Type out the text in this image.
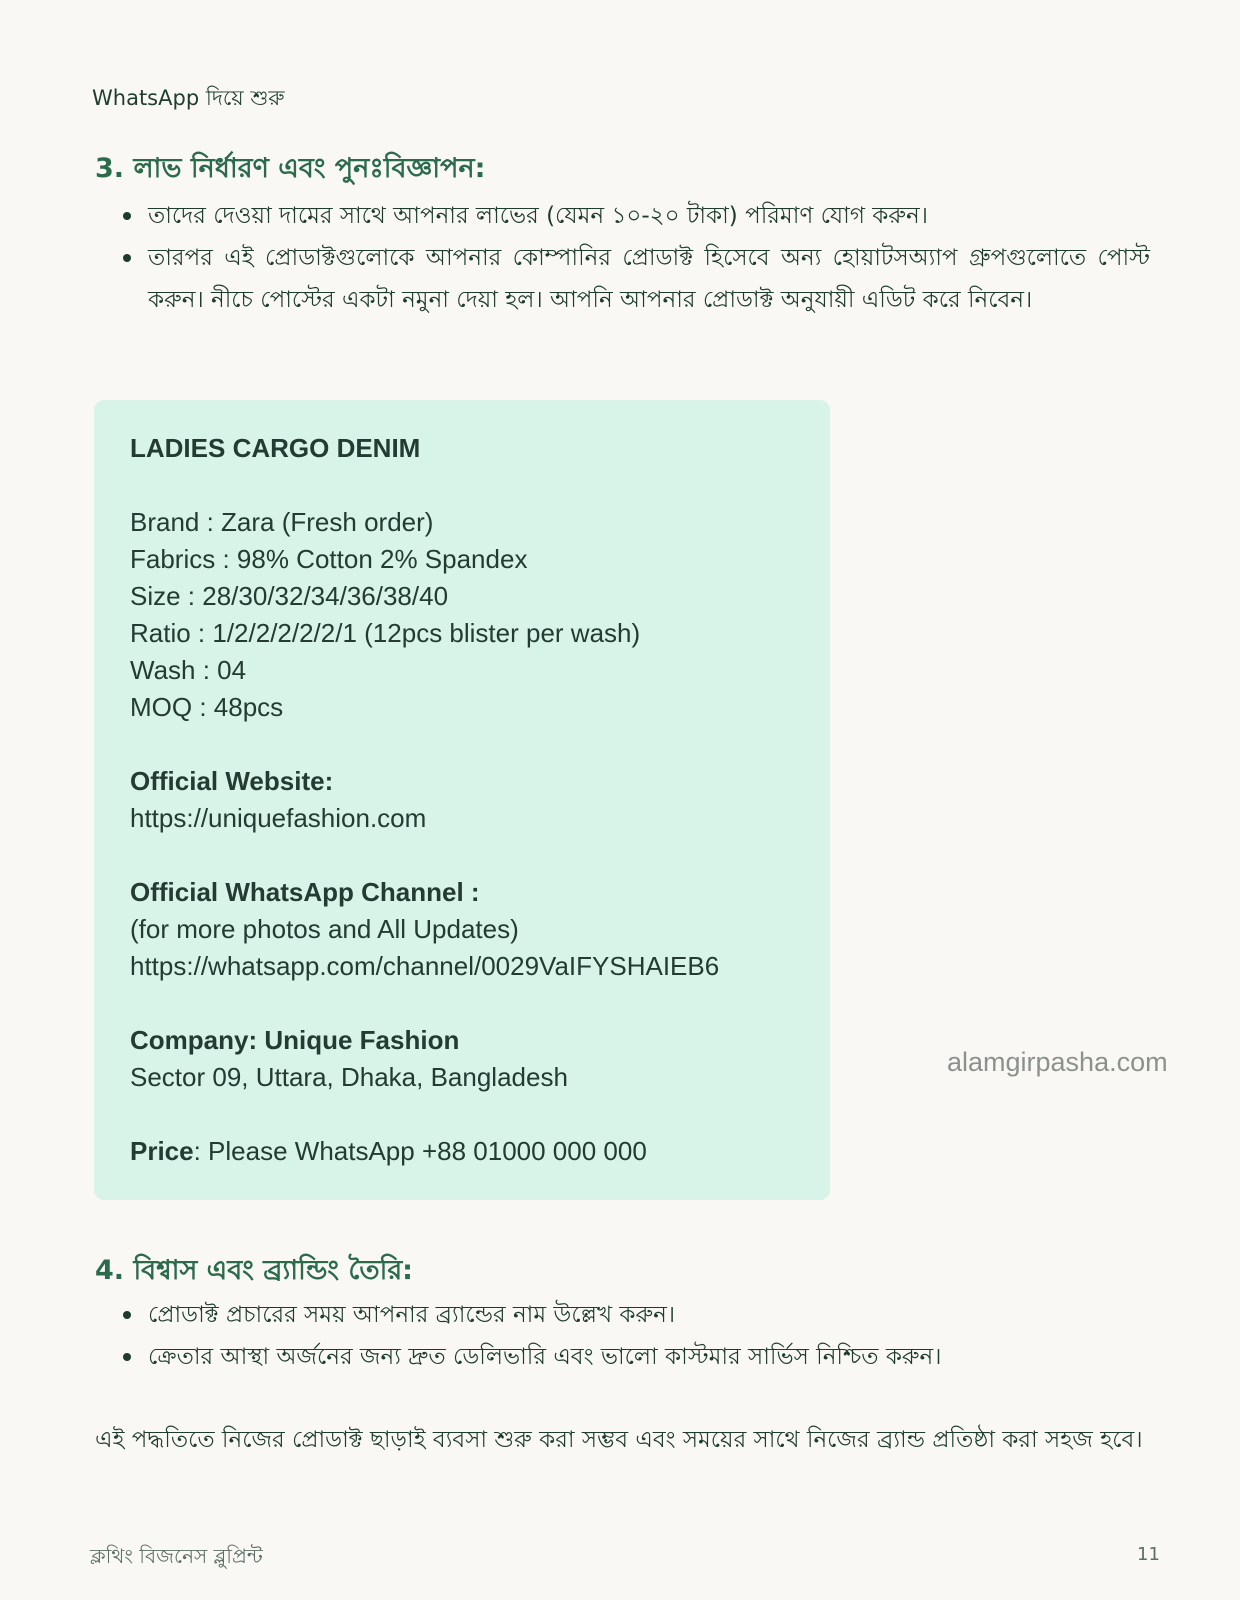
WhatsApp দিয়ে শুরু
3. লাভ নির্ধারণ এবং পুনঃবিজ্ঞাপন:
তাদের দেওয়া দামের সাথে আপনার লাভের (যেমন ১০-২০ টাকা) পরিমাণ যোগ করুন।
তারপর এই প্রোডাক্টগুলোকে আপনার কোম্পানির প্রোডাক্ট হিসেবে অন্য হোয়াটসঅ্যাপ গ্রুপগুলোতে পোস্ট করুন। নীচে পোস্টের একটা নমুনা দেয়া হল। আপনি আপনার প্রোডাক্ট অনুযায়ী এডিট করে নিবেন।
LADIES CARGO DENIM
Brand : Zara (Fresh order)
Fabrics : 98% Cotton 2% Spandex
Size : 28/30/32/34/36/38/40
Ratio : 1/2/2/2/2/2/1 (12pcs blister per wash)
Wash : 04
MOQ : 48pcs
Official Website:
https://uniquefashion.com
Official WhatsApp Channel :
(for more photos and All Updates)
https://whatsapp.com/channel/0029VaIFYSHAIEB6
Company: Unique Fashion
Sector 09, Uttara, Dhaka, Bangladesh
Price: Please WhatsApp +88 01000 000 000
alamgirpasha.com
4. বিশ্বাস এবং ব্র্যান্ডিং তৈরি:
প্রোডাক্ট প্রচারের সময় আপনার ব্র্যান্ডের নাম উল্লেখ করুন।
ক্রেতার আস্থা অর্জনের জন্য দ্রুত ডেলিভারি এবং ভালো কাস্টমার সার্ভিস নিশ্চিত করুন।

এই পদ্ধতিতে নিজের প্রোডাক্ট ছাড়াই ব্যবসা শুরু করা সম্ভব এবং সময়ের সাথে নিজের ব্র্যান্ড প্রতিষ্ঠা করা সহজ হবে।

ক্লথিং বিজনেস ব্লুপ্রিন্ট	11
